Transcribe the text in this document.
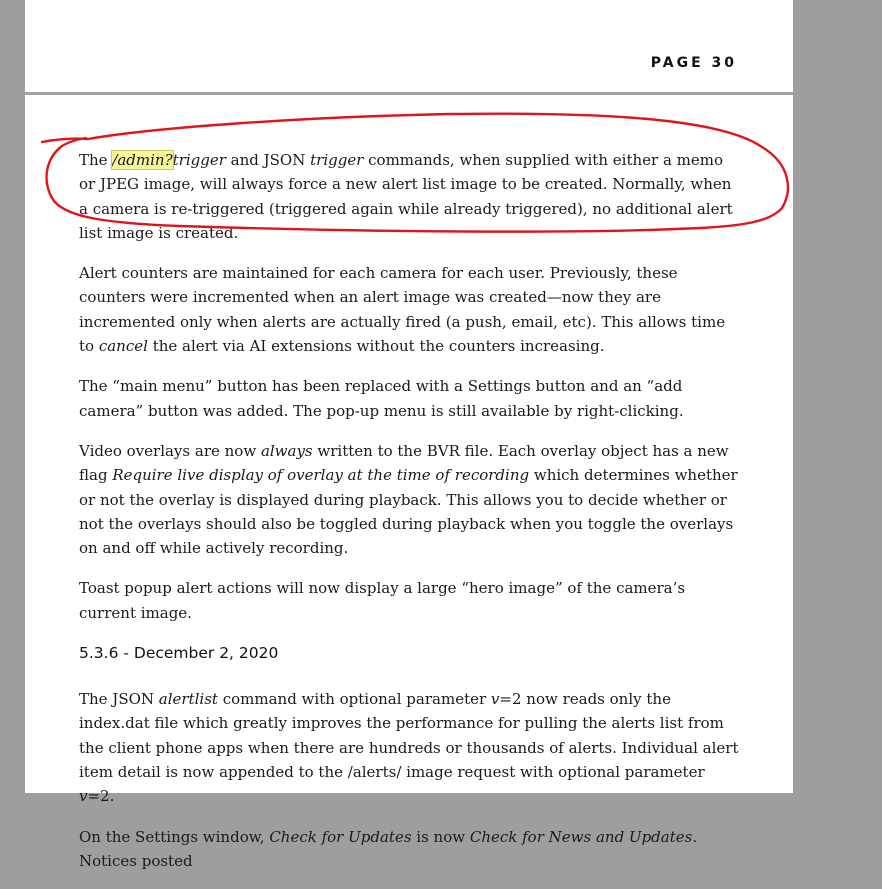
PAGE 30

The /admin?trigger and JSON trigger commands, when supplied with either a memo or JPEG image, will always force a new alert list image to be created. Normally, when a camera is re-triggered (triggered again while already triggered), no additional alert list image is created.

Alert counters are maintained for each camera for each user. Previously, these counters were incremented when an alert image was created—now they are incremented only when alerts are actually fired (a push, email, etc). This allows time to cancel the alert via AI extensions without the counters increasing.

The “main menu” button has been replaced with a Settings button and an “add camera” button was added. The pop-up menu is still available by right-clicking.

Video overlays are now always written to the BVR file. Each overlay object has a new flag Require live display of overlay at the time of recording which determines whether or not the overlay is displayed during playback. This allows you to decide whether or not the overlays should also be toggled during playback when you toggle the overlays on and off while actively recording.

Toast popup alert actions will now display a large “hero image” of the camera’s current image.

5.3.6 - December 2, 2020

The JSON alertlist command with optional parameter v=2 now reads only the index.dat file which greatly improves the performance for pulling the alerts list from the client phone apps when there are hundreds or thousands of alerts. Individual alert item detail is now appended to the /alerts/ image request with optional parameter v=2.

On the Settings window, Check for Updates is now Check for News and Updates. Notices posted
